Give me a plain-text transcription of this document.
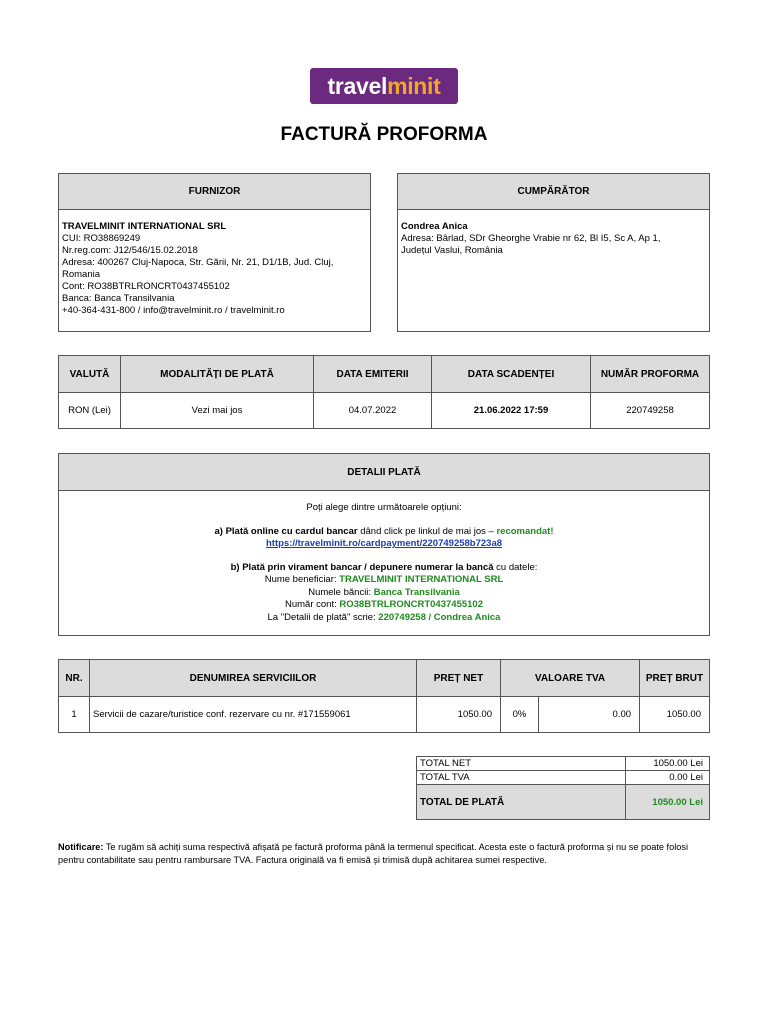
travelminit
FACTURĂ PROFORMA
FURNIZOR
TRAVELMINIT INTERNATIONAL SRL
CUI: RO38869249
Nr.reg.com: J12/546/15.02.2018
Adresa: 400267 Cluj-Napoca, Str. Gării, Nr. 21, D1/1B, Jud. Cluj,
Romania
Cont: RO38BTRLRONCRT0437455102
Banca: Banca Transilvania
+40-364-431-800 / info@travelminit.ro / travelminit.ro
CUMPĂRĂTOR
Condrea Anica
Adresa: Bârlad, SDr Gheorghe Vrabie nr 62, Bl I5, Sc A, Ap 1,
Județul Vaslui, România
VALUTĂ	MODALITĂȚI DE PLATĂ	DATA EMITERII	DATA SCADENȚEI	NUMĂR PROFORMA
RON (Lei)	Vezi mai jos	04.07.2022	21.06.2022 17:59	220749258
DETALII PLATĂ
Poți alege dintre următoarele opțiuni:
a) Plată online cu cardul bancar dând click pe linkul de mai jos – recomandat!
https://travelminit.ro/cardpayment/220749258b723a8
b) Plată prin virament bancar / depunere numerar la bancă cu datele:
Nume beneficiar: TRAVELMINIT INTERNATIONAL SRL
Numele băncii: Banca Transilvania
Număr cont: RO38BTRLRONCRT0437455102
La "Detalii de plată" scrie: 220749258 / Condrea Anica
NR.	DENUMIREA SERVICIILOR	PREȚ NET	VALOARE TVA		PREȚ BRUT
1	Servicii de cazare/turistice conf. rezervare cu nr. #171559061	1050.00	0%	0.00	1050.00
TOTAL NET	1050.00 Lei
TOTAL TVA	0.00 Lei
TOTAL DE PLATĂ	1050.00 Lei
Notificare: Te rugăm să achiți suma respectivă afișată pe factură proforma până la termenul specificat. Acesta este o factură proforma și nu se poate folosi pentru contabilitate sau pentru rambursare TVA. Factura originală va fi emisă și trimisă după achitarea sumei respective.
